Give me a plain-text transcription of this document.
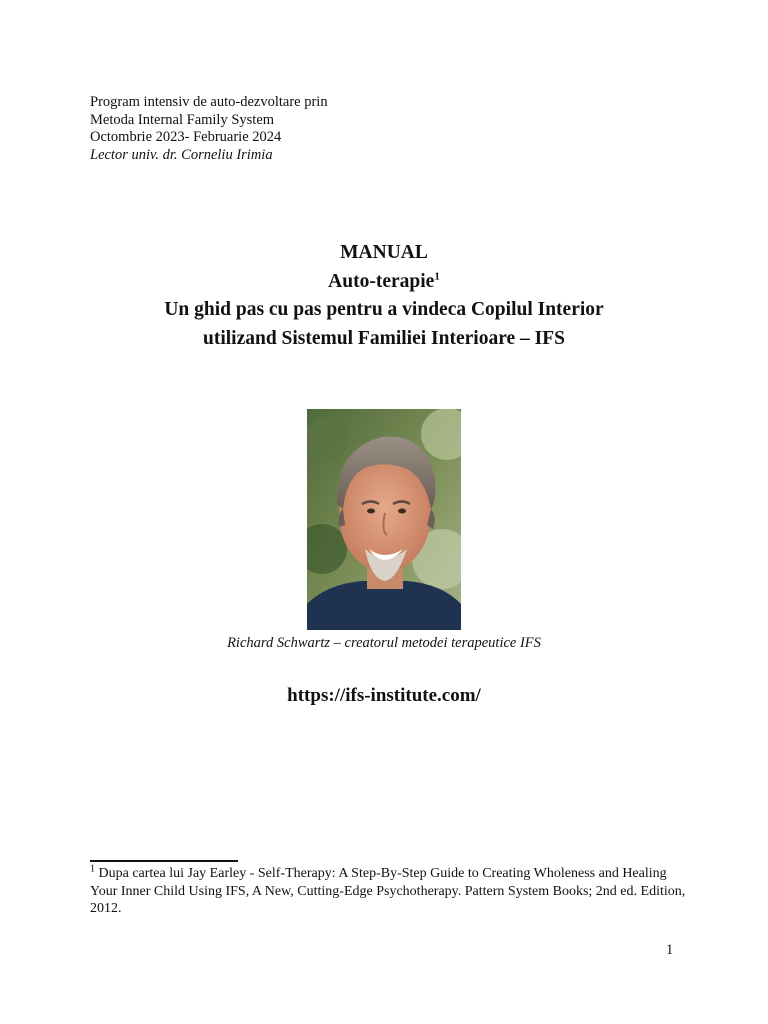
Program intensiv de auto-dezvoltare prin
Metoda Internal Family System
Octombrie 2023- Februarie 2024
Lector univ. dr. Corneliu Irimia
MANUAL
Auto-terapie$^1$
Un ghid pas cu pas pentru a vindeca Copilul Interior
utilizand Sistemul Familiei Interioare – IFS
Richard Schwartz – creatorul metodei terapeutice IFS
https://ifs-institute.com/
$^1$ Dupa cartea lui Jay Earley - Self-Therapy: A Step-By-Step Guide to Creating Wholeness and Healing Your Inner Child Using IFS, A New, Cutting-Edge Psychotherapy. Pattern System Books; 2nd ed. Edition, 2012.
1
